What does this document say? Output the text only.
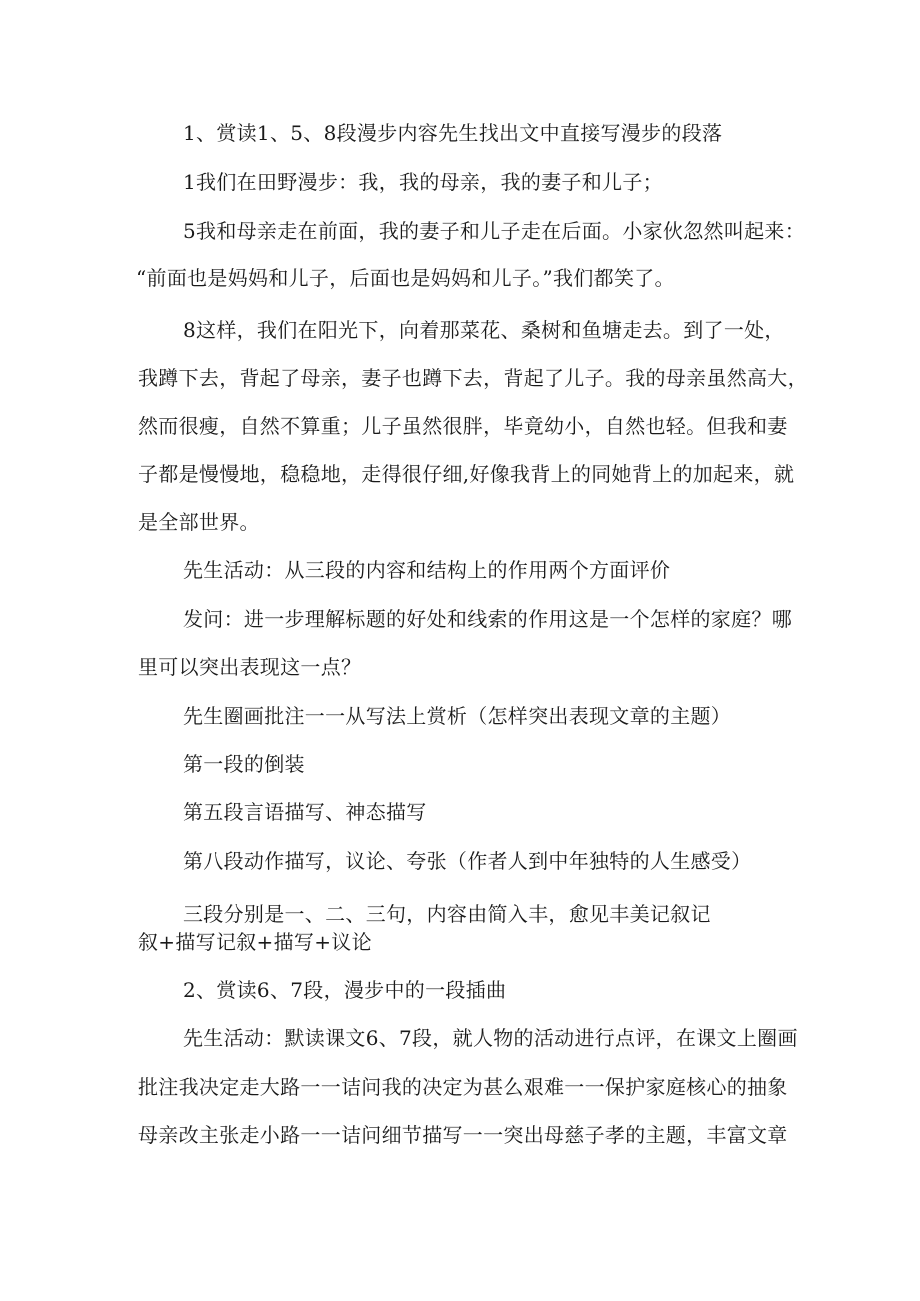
1、赏读1、5、8段漫步内容先生找出文中直接写漫步的段落
1我们在田野漫步：我，我的母亲，我的妻子和儿子；
5我和母亲走在前面，我的妻子和儿子走在后面。小家伙忽然叫起来：
“前面也是妈妈和儿子，后面也是妈妈和儿子。”我们都笑了。
8这样，我们在阳光下，向着那菜花、桑树和鱼塘走去。到了一处，
我蹲下去，背起了母亲，妻子也蹲下去，背起了儿子。我的母亲虽然高大，
然而很瘦，自然不算重；儿子虽然很胖，毕竟幼小，自然也轻。但我和妻
子都是慢慢地，稳稳地，走得很仔细,好像我背上的同她背上的加起来，就
是全部世界。
先生活动：从三段的内容和结构上的作用两个方面评价
发问：进一步理解标题的好处和线索的作用这是一个怎样的家庭？哪
里可以突出表现这一点？
先生圈画批注一一从写法上赏析（怎样突出表现文章的主题）
第一段的倒装
第五段言语描写、神态描写
第八段动作描写，议论、夸张（作者人到中年独特的人生感受）
三段分别是一、二、三句，内容由简入丰，愈见丰美记叙记
叙+描写记叙+描写+议论
2、赏读6、7段，漫步中的一段插曲
先生活动：默读课文6、7段，就人物的活动进行点评，在课文上圈画
批注我决定走大路一一诘问我的决定为甚么艰难一一保护家庭核心的抽象
母亲改主张走小路一一诘问细节描写一一突出母慈子孝的主题，丰富文章
